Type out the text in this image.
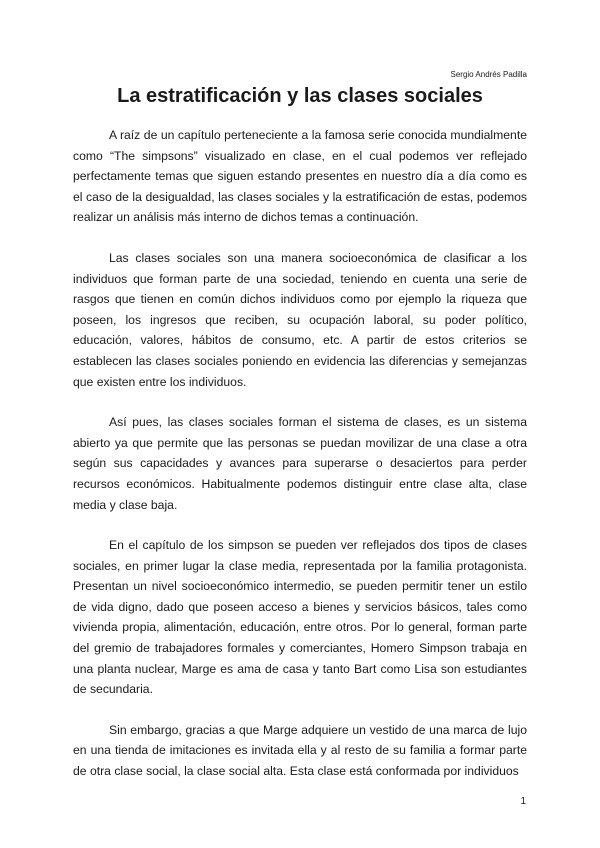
Sergio Andrés Padilla

La estratificación y las clases sociales

A raíz de un capítulo perteneciente a la famosa serie conocida mundialmente como “The simpsons” visualizado en clase, en el cual podemos ver reflejado perfectamente temas que siguen estando presentes en nuestro día a día como es el caso de la desigualdad, las clases sociales y la estratificación de estas, podemos realizar un análisis más interno de dichos temas a continuación.

Las clases sociales son una manera socioeconómica de clasificar a los individuos que forman parte de una sociedad, teniendo en cuenta una serie de rasgos que tienen en común dichos individuos como por ejemplo la riqueza que poseen, los ingresos que reciben, su ocupación laboral, su poder político, educación, valores, hábitos de consumo, etc. A partir de estos criterios se establecen las clases sociales poniendo en evidencia las diferencias y semejanzas que existen entre los individuos.

Así pues, las clases sociales forman el sistema de clases, es un sistema abierto ya que permite que las personas se puedan movilizar de una clase a otra según sus capacidades y avances para superarse o desaciertos para perder recursos económicos. Habitualmente podemos distinguir entre clase alta, clase media y clase baja.

En el capítulo de los simpson se pueden ver reflejados dos tipos de clases sociales, en primer lugar la clase media, representada por la familia protagonista. Presentan un nivel socioeconómico intermedio, se pueden permitir tener un estilo de vida digno, dado que poseen acceso a bienes y servicios básicos, tales como vivienda propia, alimentación, educación, entre otros. Por lo general, forman parte del gremio de trabajadores formales y comerciantes, Homero Simpson trabaja en una planta nuclear, Marge es ama de casa y tanto Bart como Lisa son estudiantes de secundaria.

Sin embargo, gracias a que Marge adquiere un vestido de una marca de lujo en una tienda de imitaciones es invitada ella y al resto de su familia a formar parte de otra clase social, la clase social alta. Esta clase está conformada por individuos

1
